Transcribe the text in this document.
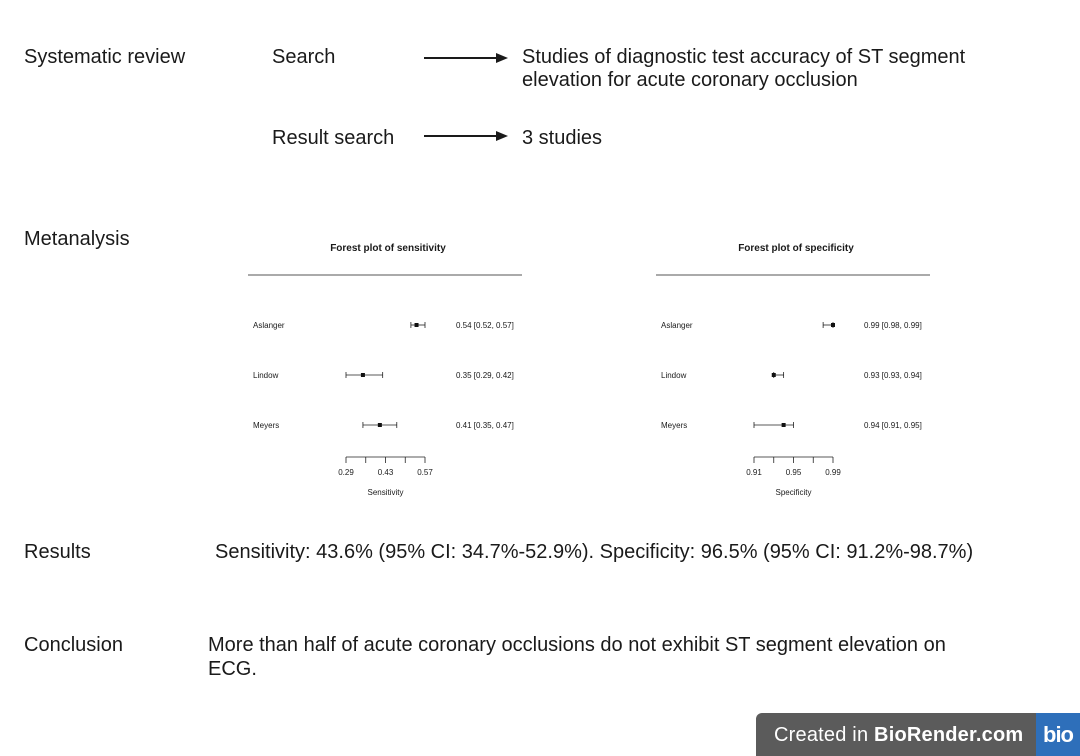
Systematic review
Metanalysis
Results
Conclusion
Search	Studies of diagnostic test accuracy of ST segment
elevation for acute coronary occlusion
Result search	3 studies
Forest plot of sensitivity
Aslanger	0.54 [0.52, 0.57]
Lindow	0.35 [0.29, 0.42]
Meyers	0.41 [0.35, 0.47]
0.29	0.43	0.57
Sensitivity
Forest plot of specificity
Aslanger	0.99 [0.98, 0.99]
Lindow	0.93 [0.93, 0.94]
Meyers	0.94 [0.91, 0.95]
0.91	0.95	0.99
Specificity
Sensitivity: 43.6% (95% CI: 34.7%-52.9%). Specificity: 96.5% (95% CI: 91.2%-98.7%)
More than half of acute coronary occlusions do not exhibit ST segment elevation on
ECG.
Created in BioRender.com bio
